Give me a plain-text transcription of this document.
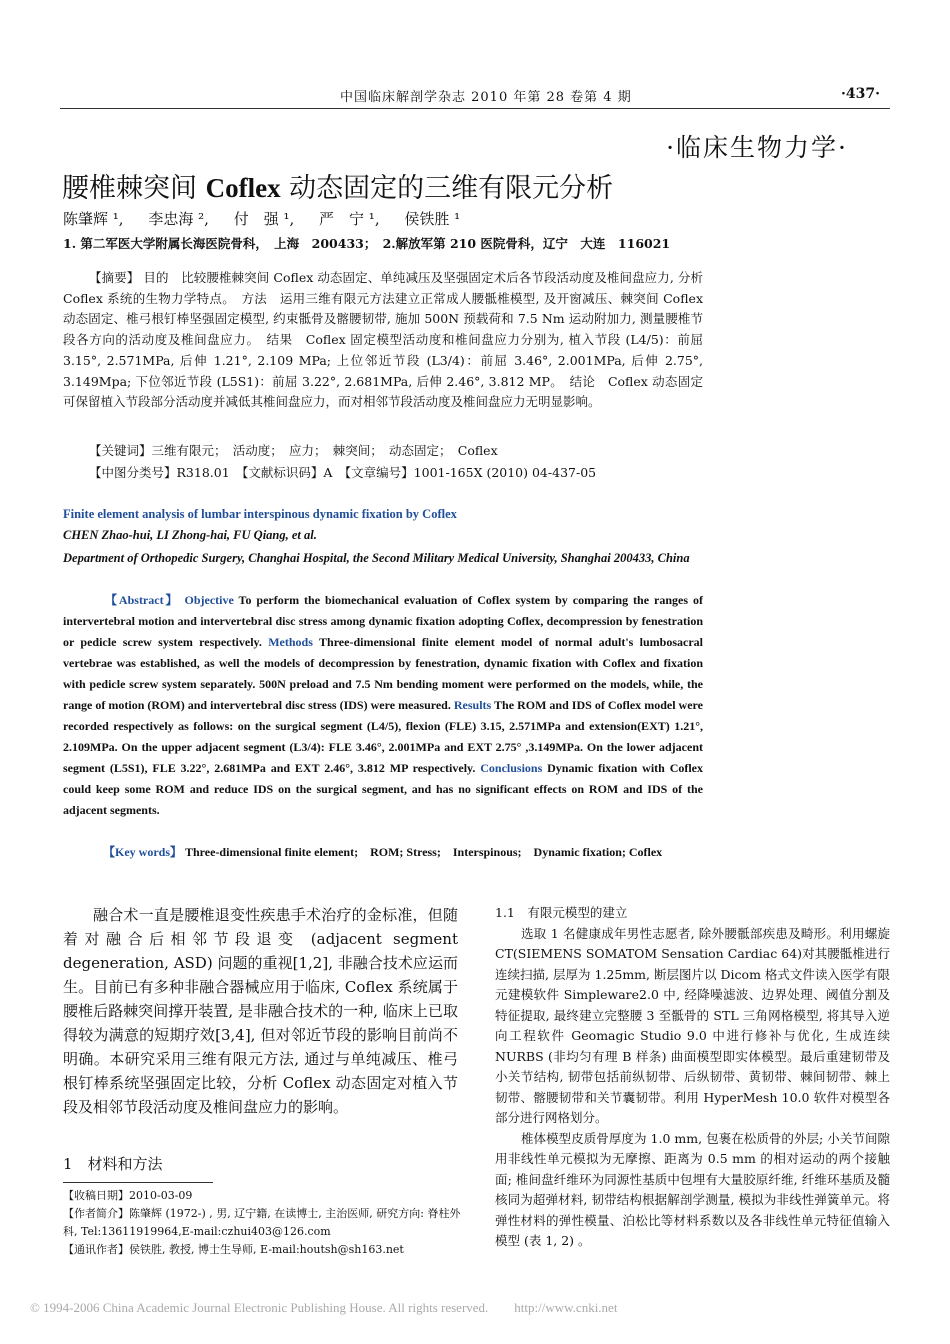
中国临床解剖学杂志 2010 年第 28 卷第 4 期	·437·
·临床生物力学·
腰椎棘突间 Coflex 动态固定的三维有限元分析
陈肇辉 ¹, 李忠海 ², 付　强 ¹, 严　宁 ¹, 侯铁胜 ¹
1. 第二军医大学附属长海医院骨科，　上海　200433；　2.解放军第 210 医院骨科，辽宁　大连　116021
【摘要】 目的　比较腰椎棘突间 Coflex 动态固定、单纯减压及坚强固定术后各节段活动度及椎间盘应力, 分析 Coflex 系统的生物力学特点。　方法　运用三维有限元方法建立正常成人腰骶椎模型, 及开窗减压、棘突间 Coflex 动态固定、椎弓根钉棒坚强固定模型, 约束骶骨及髂腰韧带, 施加 500N 预载荷和 7.5 Nm 运动附加力, 测量腰椎节段各方向的活动度及椎间盘应力。　结果　Coflex 固定模型活动度和椎间盘应力分别为, 植入节段 (L4/5)：前屈 3.15°, 2.571MPa, 后伸 1.21°, 2.109 MPa; 上位邻近节段 (L3/4)：前屈 3.46°, 2.001MPa, 后伸 2.75°, 3.149Mpa; 下位邻近节段 (L5S1)：前屈 3.22°, 2.681MPa, 后伸 2.46°, 3.812 MP。　结论　Coflex 动态固定可保留植入节段部分活动度并减低其椎间盘应力，而对相邻节段活动度及椎间盘应力无明显影响。
【关键词】三维有限元；　活动度；　应力；　棘突间；　动态固定；　Coflex
【中图分类号】R318.01　【文献标识码】A　【文章编号】1001-165X (2010) 04-437-05
Finite element analysis of lumbar interspinous dynamic fixation by Coflex
CHEN Zhao-hui, LI Zhong-hai, FU Qiang, et al.
Department of Orthopedic Surgery, Changhai Hospital, the Second Military Medical University, Shanghai 200433, China
【Abstract】 Objective To perform the biomechanical evaluation of Coflex system by comparing the ranges of intervertebral motion and intervertebral disc stress among dynamic fixation adopting Coflex, decompression by fenestration or pedicle screw system respectively. Methods Three-dimensional finite element model of normal adult's lumbosacral vertebrae was established, as well the models of decompression by fenestration, dynamic fixation with Coflex and fixation with pedicle screw system separately. 500N preload and 7.5 Nm bending moment were performed on the models, while, the range of motion (ROM) and intervertebral disc stress (IDS) were measured. Results The ROM and IDS of Coflex model were recorded respectively as follows: on the surgical segment (L4/5), flexion (FLE) 3.15, 2.571MPa and extension(EXT) 1.21°, 2.109MPa. On the upper adjacent segment (L3/4): FLE 3.46°, 2.001MPa and EXT 2.75° ,3.149MPa. On the lower adjacent segment (L5S1), FLE 3.22°, 2.681MPa and EXT 2.46°, 3.812 MP respectively. Conclusions Dynamic fixation with Coflex could keep some ROM and reduce IDS on the surgical segment, and has no significant effects on ROM and IDS of the adjacent segments.
【Key words】 Three-dimensional finite element;　ROM; Stress;　Interspinous;　Dynamic fixation; Coflex
融合术一直是腰椎退变性疾患手术治疗的金标准，但随着对融合后相邻节段退变 (adjacent segment degeneration, ASD) 问题的重视[1,2], 非融合技术应运而生。目前已有多种非融合器械应用于临床, Coflex 系统属于腰椎后路棘突间撑开装置, 是非融合技术的一种, 临床上已取得较为满意的短期疗效[3,4], 但对邻近节段的影响目前尚不明确。本研究采用三维有限元方法, 通过与单纯减压、椎弓根钉棒系统坚强固定比较，分析 Coflex 动态固定对植入节段及相邻节段活动度及椎间盘应力的影响。
1　材料和方法
【收稿日期】2010-03-09
【作者简介】陈肇辉 (1972-) , 男, 辽宁籍, 在读博士, 主治医师, 研究方向: 脊柱外科, Tel:13611919964,E-mail:czhui403@126.com
【通讯作者】侯铁胜, 教授, 博士生导师, E-mail:houtsh@sh163.net
1.1　有限元模型的建立

选取 1 名健康成年男性志愿者, 除外腰骶部疾患及畸形。利用螺旋 CT(SIEMENS SOMATOM Sensation Cardiac 64)对其腰骶椎进行连续扫描, 层厚为 1.25mm, 断层图片以 Dicom 格式文件读入医学有限元建模软件 Simpleware2.0 中, 经降噪滤波、边界处理、阈值分割及特征提取, 最终建立完整腰 3 至骶骨的 STL 三角网格模型, 将其导入逆向工程软件 Geomagic Studio 9.0 中进行修补与优化, 生成连续 NURBS (非均匀有理 B 样条) 曲面模型即实体模型。最后重建韧带及小关节结构, 韧带包括前纵韧带、后纵韧带、黄韧带、棘间韧带、棘上韧带、髂腰韧带和关节囊韧带。利用 HyperMesh 10.0 软件对模型各部分进行网格划分。

椎体模型皮质骨厚度为 1.0 mm, 包裹在松质骨的外层; 小关节间隙用非线性单元模拟为无摩擦、距离为 0.5 mm 的相对运动的两个接触面; 椎间盘纤维环为同源性基质中包埋有大量胶原纤维, 纤维环基质及髓核同为超弹材料, 韧带结构根据解剖学测量, 模拟为非线性弹簧单元。将弹性材料的弹性模量、泊松比等材料系数以及各非线性单元特征值输入模型 (表 1, 2) 。

© 1994-2006 China Academic Journal Electronic Publishing House. All rights reserved.　　http://www.cnki.net
